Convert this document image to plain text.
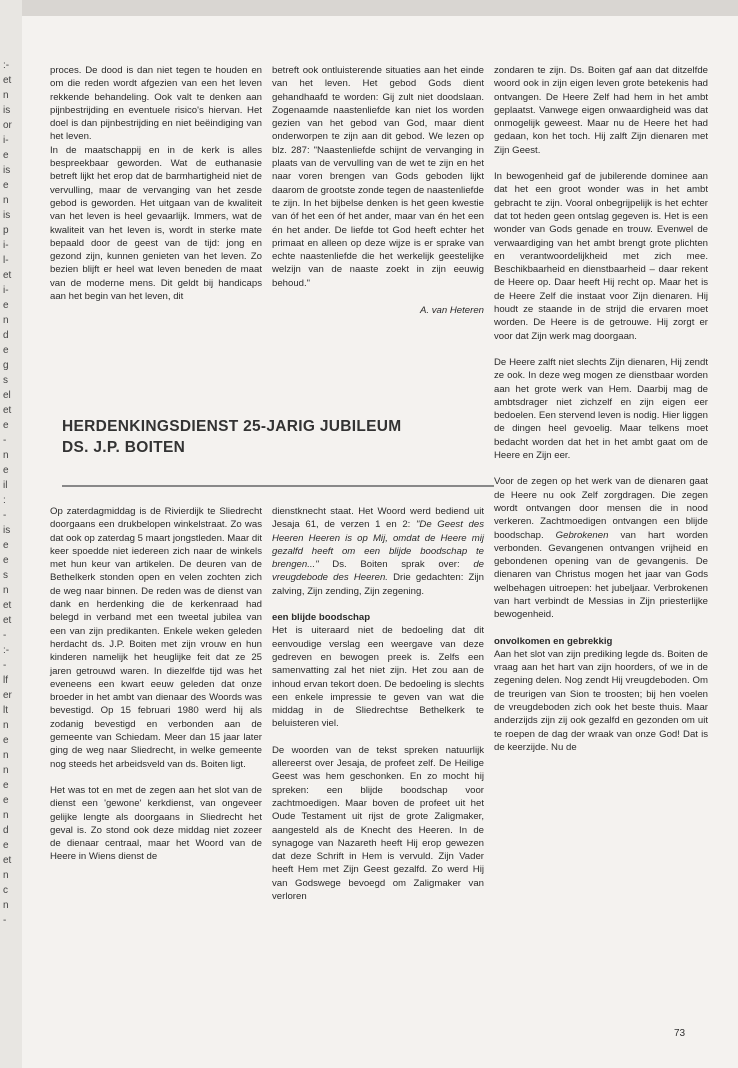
:-
et
n
is
or
i-
e
is
e
n
is
p
i-
l-
et
i-
e
n
d
e
g
s
el
et
e
-
n
e
il
:
-
is
e
e
s
n
et
et
-
:-
-
lf
er
lt
n
e
n
n
e
e
n
d
e
et
n
c
n
-

proces. De dood is dan niet tegen te houden en om die reden wordt afgezien van een het leven rekkende behandeling. Ook valt te denken aan pijnbestrijding en eventuele risico's hiervan. Het doel is dan pijnbestrijding en niet beëindiging van het leven.

In de maatschappij en in de kerk is alles bespreekbaar geworden. Wat de euthanasie betreft lijkt het erop dat de barmhartigheid niet de vervulling, maar de vervanging van het zesde gebod is geworden. Het uitgaan van de kwaliteit van het leven is heel gevaarlijk. Immers, wat de kwaliteit van het leven is, wordt in sterke mate bepaald door de geest van de tijd: jong en gezond zijn, kunnen genieten van het leven. Zo bezien blijft er heel wat leven beneden de maat van de moderne mens. Dit geldt bij handicaps aan het begin van het leven, dit

betreft ook ontluisterende situaties aan het einde van het leven. Het gebod Gods dient gehandhaafd te worden: Gij zult niet doodslaan. Zogenaamde naastenliefde kan niet los worden gezien van het gebod van God, maar dient onderworpen te zijn aan dit gebod. We lezen op blz. 287: "Naastenliefde schijnt de vervanging in plaats van de vervulling van de wet te zijn en het naar voren brengen van Gods geboden lijkt daarom de grootste zonde tegen de naastenliefde te zijn. In het bijbelse denken is het geen kwestie van óf het een óf het ander, maar van én het een én het ander. De liefde tot God heeft echter het primaat en alleen op deze wijze is er sprake van echte naastenliefde die het werkelijk geestelijke welzijn van de naaste zoekt in zijn eeuwig behoud."

A. van Heteren
HERDENKINGSDIENST 25-JARIG JUBILEUM
DS. J.P. BOITEN

Op zaterdagmiddag is de Rivierdijk te Sliedrecht doorgaans een drukbelopen winkelstraat. Zo was dat ook op zaterdag 5 maart jongstleden. Maar dit keer spoedde niet iedereen zich naar de winkels met hun keur van artikelen. De deuren van de Bethelkerk stonden open en velen zochten zich de weg naar binnen. De reden was de dienst van dank en herdenking die de kerkenraad had belegd in verband met een tweetal jubilea van een van zijn predikanten. Enkele weken geleden herdacht ds. J.P. Boiten met zijn vrouw en hun kinderen namelijk het heuglijke feit dat ze 25 jaren getrouwd waren. In diezelfde tijd was het eveneens een kwart eeuw geleden dat onze broeder in het ambt van dienaar des Woords was bevestigd. Op 15 februari 1980 werd hij als zodanig bevestigd en verbonden aan de gemeente van Schiedam. Meer dan 15 jaar later ging de weg naar Sliedrecht, in welke gemeente nog steeds het arbeidsveld van ds. Boiten ligt.

Het was tot en met de zegen aan het slot van de dienst een 'gewone' kerkdienst, van ongeveer gelijke lengte als doorgaans in Sliedrecht het geval is. Zo stond ook deze middag niet zozeer de dienaar centraal, maar het Woord van de Heere in Wiens dienst de

dienstknecht staat. Het Woord werd bediend uit Jesaja 61, de verzen 1 en 2: "De Geest des Heeren Heeren is op Mij, omdat de Heere mij gezalfd heeft om een blijde boodschap te brengen..." Ds. Boiten sprak over: de vreugdebode des Heeren. Drie gedachten: Zijn zalving, Zijn zending, Zijn zegening.

een blijde boodschap

Het is uiteraard niet de bedoeling dat dit eenvoudige verslag een weergave van deze gedreven en bewogen preek is. Zelfs een samenvatting zal het niet zijn. Het zou aan de inhoud ervan tekort doen. De bedoeling is slechts een enkele impressie te geven van wat die middag in de Sliedrechtse Bethelkerk te beluisteren viel.

De woorden van de tekst spreken natuurlijk allereerst over Jesaja, de profeet zelf. De Heilige Geest was hem geschonken. En zo mocht hij spreken: een blijde boodschap voor zachtmoedigen. Maar boven de profeet uit het Oude Testament uit rijst de grote Zaligmaker, aangesteld als de Knecht des Heeren. In de synagoge van Nazareth heeft Hij erop gewezen dat deze Schrift in Hem is vervuld. Zijn Vader heeft Hem met Zijn Geest gezalfd. Zo werd Hij van Godswege bevoegd om Zaligmaker van verloren

zondaren te zijn. Ds. Boiten gaf aan dat ditzelfde woord ook in zijn eigen leven grote betekenis had ontvangen. De Heere Zelf had hem in het ambt geplaatst. Vanwege eigen onwaardigheid was dat onmogelijk geweest. Maar nu de Heere het had gedaan, kon het toch. Hij zalft Zijn dienaren met Zijn Geest.

In bewogenheid gaf de jubilerende dominee aan dat het een groot wonder was in het ambt gebracht te zijn. Vooral onbegrijpelijk is het echter dat tot heden geen ontslag gegeven is. Het is een wonder van Gods genade en trouw. Evenwel de verwaardiging van het ambt brengt grote plichten en verantwoordelijkheid met zich mee. Beschikbaarheid en dienstbaarheid – daar rekent de Heere op. Daar heeft Hij recht op. Maar het is de Heere Zelf die instaat voor Zijn dienaren. Hij houdt ze staande in de strijd die ervaren moet worden. De Heere is de getrouwe. Hij zorgt er voor dat Zijn werk mag doorgaan.

De Heere zalft niet slechts Zijn dienaren, Hij zendt ze ook. In deze weg mogen ze dienstbaar worden aan het grote werk van Hem. Daarbij mag de ambtsdrager niet zichzelf en zijn eigen eer bedoelen. Een stervend leven is nodig. Hier liggen de dingen heel gevoelig. Maar telkens moet bedacht worden dat het in het ambt gaat om de Heere en Zijn eer.

Voor de zegen op het werk van de dienaren gaat de Heere nu ook Zelf zorgdragen. Die zegen wordt ontvangen door mensen die in nood verkeren. Zachtmoedigen ontvangen een blijde boodschap. Gebrokenen van hart worden verbonden. Gevangenen ontvangen vrijheid en gebondenen opening van de gevangenis. De dienaren van Christus mogen het jaar van Gods welbehagen uitroepen: het jubeljaar. Verbrokenen van hart verbindt de Messias in Zijn priesterlijke bewogenheid.

onvolkomen en gebrekkig

Aan het slot van zijn prediking legde ds. Boiten de vraag aan het hart van zijn hoorders, of we in de zegening delen. Nog zendt Hij vreugdeboden. Om de treurigen van Sion te troosten; bij hen voelen de vreugdeboden zich ook het beste thuis. Maar anderzijds zijn zij ook gezalfd en gezonden om uit te roepen de dag der wraak van onze God! Dat is de keerzijde. Nu de

73
